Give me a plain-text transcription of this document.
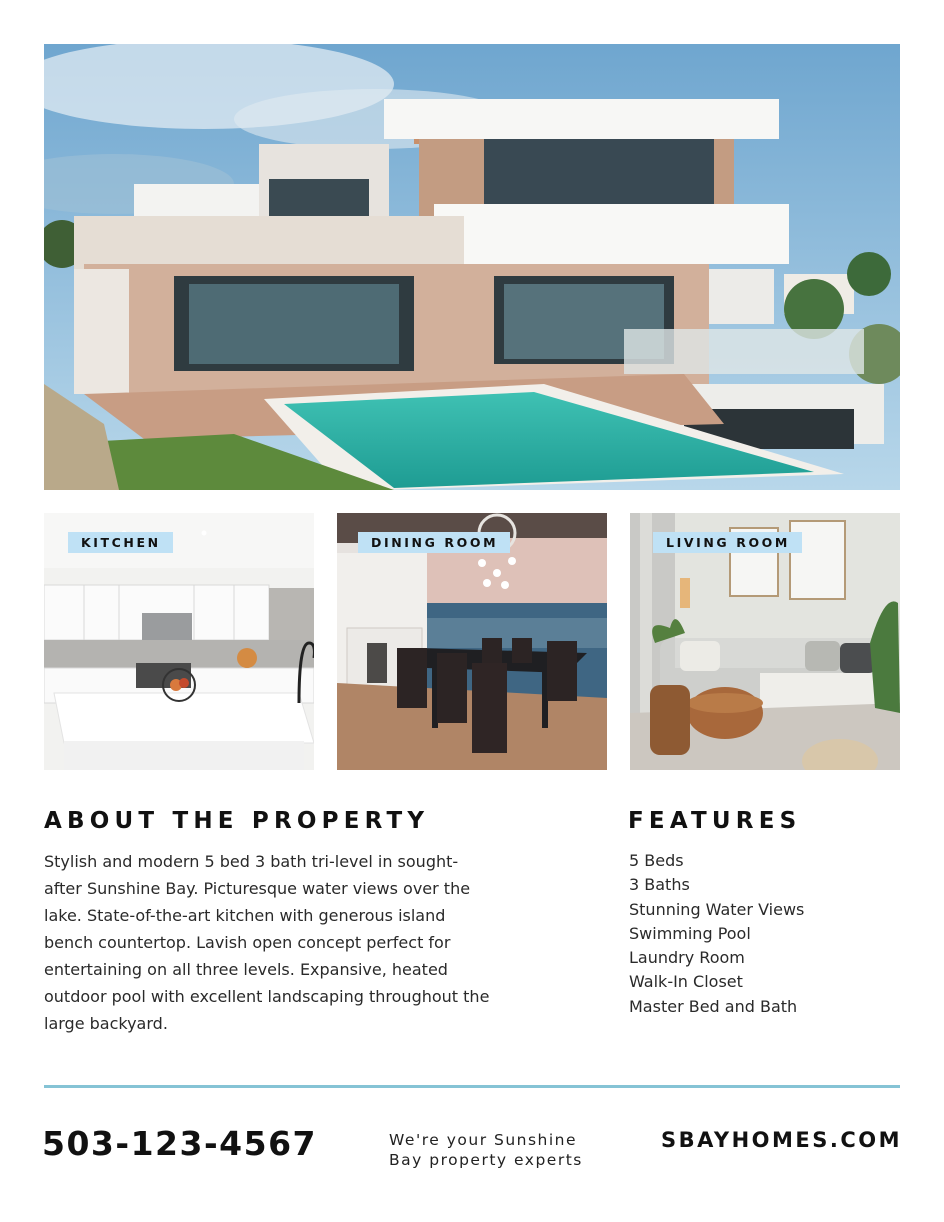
KITCHEN	DINING ROOM	LIVING ROOM
ABOUT THE PROPERTY

Stylish and modern 5 bed 3 bath tri-level in sought-after Sunshine Bay. Picturesque water views over the lake. State-of-the-art kitchen with generous island bench countertop. Lavish open concept perfect for entertaining on all three levels. Expansive, heated outdoor pool with excellent landscaping throughout the large backyard.

FEATURES
5 Beds
3 Baths
Stunning Water Views
Swimming Pool
Laundry Room
Walk-In Closet
Master Bed and Bath

503-123-4567	We're your Sunshine
Bay property experts

SBAYHOMES.COM
